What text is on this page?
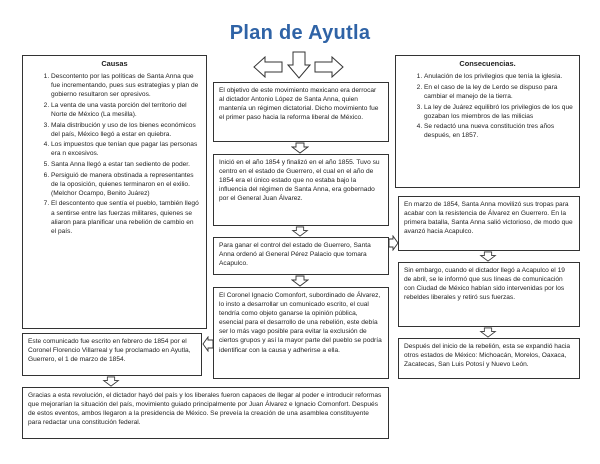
Plan de Ayutla
Causas
1. Descontento por las políticas de Santa Anna que fue incrementando, pues sus estrategias y plan de gobierno resultaron ser opresivos.
2. La venta de una vasta porción del territorio del Norte de México (La mesilla).
3. Mala distribución y uso de los bienes económicos del país, México llegó a estar en quiebra.
4. Los impuestos que tenían que pagar las personas era n excesivos.
5. Santa Anna llegó a estar tan sediento de poder.
6. Persiguió de manera obstinada a representantes de la oposición, quienes terminaron en el exilio. (Melchor Ocampo, Benito Juárez)
7. El descontento que sentía el pueblo, también llegó a sentirse entre las fuerzas militares, quienes se aliaron para planificar una rebelión de cambio en el país.
Consecuencias.
1. Anulación de los privilegios que tenía la iglesia.
2. En el caso de la ley de Lerdo se dispuso para cambiar el manejo de la tierra.
3. La ley de Juárez equilibró los privilegios de los que gozaban los miembros de las milicias
4. Se redactó una nueva constitución tres años después, en 1857.
El objetivo de este movimiento mexicano era derrocar al dictador Antonio López de Santa Anna, quien mantenía un régimen dictatorial. Dicho movimiento fue el primer paso hacia la reforma liberal de México.
Inició en el año 1854 y finalizó en el año 1855. Tuvo su centro en el estado de Guerrero, el cual en el año de 1854 era el único estado que no estaba bajo la influencia del régimen de Santa Anna, era gobernado por el General Juan Álvarez.
Para ganar el control del estado de Guerrero, Santa Anna ordenó al General Pérez Palacio que tomara Acapulco.
El Coronel Ignacio Comonfort, subordinado de Álvarez, lo insto a desarrollar un comunicado escrito, el cual tendría como objeto ganarse la opinión pública, esencial para el desarrollo de una rebelión, este debía ser lo más vago posible para evitar la exclusión de ciertos grupos y así la mayor parte del pueblo se podría identificar con la causa y adherirse a ella.
En marzo de 1854, Santa Anna movilizó sus tropas para acabar con la resistencia de Álvarez en Guerrero. En la primera batalla, Santa Anna salió victorioso, de modo que avanzó hacia Acapulco.
Sin embargo, cuando el dictador llegó a Acapulco el 19 de abril, se le informó que sus líneas de comunicación con Ciudad de México habían sido intervenidas por los rebeldes liberales y retiró sus fuerzas.
Después del inicio de la rebelión, esta se expandió hacia otros estados de México: Michoacán, Morelos, Oaxaca, Zacatecas, San Luis Potosí y Nuevo León.
Este comunicado fue escrito en febrero de 1854 por el Coronel Florencio Villarreal y fue proclamado en Ayutla, Guerrero, el 1 de marzo de 1854.
Gracias a esta revolución, el dictador hayó del país y los liberales fueron capaces de llegar al poder e introducir reformas que mejorarían la situación del país, movimiento guiado principalmente por Juan Álvarez e Ignacio Comonfort. Después de estos eventos, ambos llegaron a la presidencia de México. Se preveía la creación de una asamblea constituyente para redactar una constitución federal.
